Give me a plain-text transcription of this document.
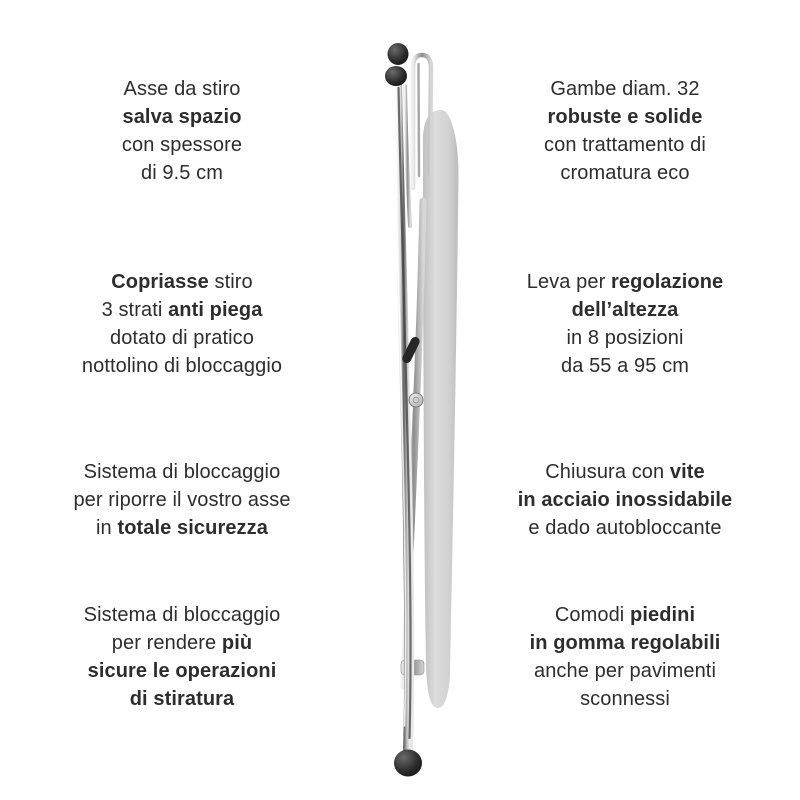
Asse da stiro
salva spazio
con spessore
di 9.5 cm
Copriasse stiro
3 strati anti piega
dotato di pratico
nottolino di bloccaggio
Sistema di bloccaggio
per riporre il vostro asse
in totale sicurezza
Sistema di bloccaggio
per rendere più
sicure le operazioni
di stiratura
Gambe diam. 32
robuste e solide
con trattamento di
cromatura eco
Leva per regolazione
dell’altezza
in 8 posizioni
da 55 a 95 cm
Chiusura con vite
in acciaio inossidabile
e dado autobloccante
Comodi piedini
in gomma regolabili
anche per pavimenti
sconnessi
